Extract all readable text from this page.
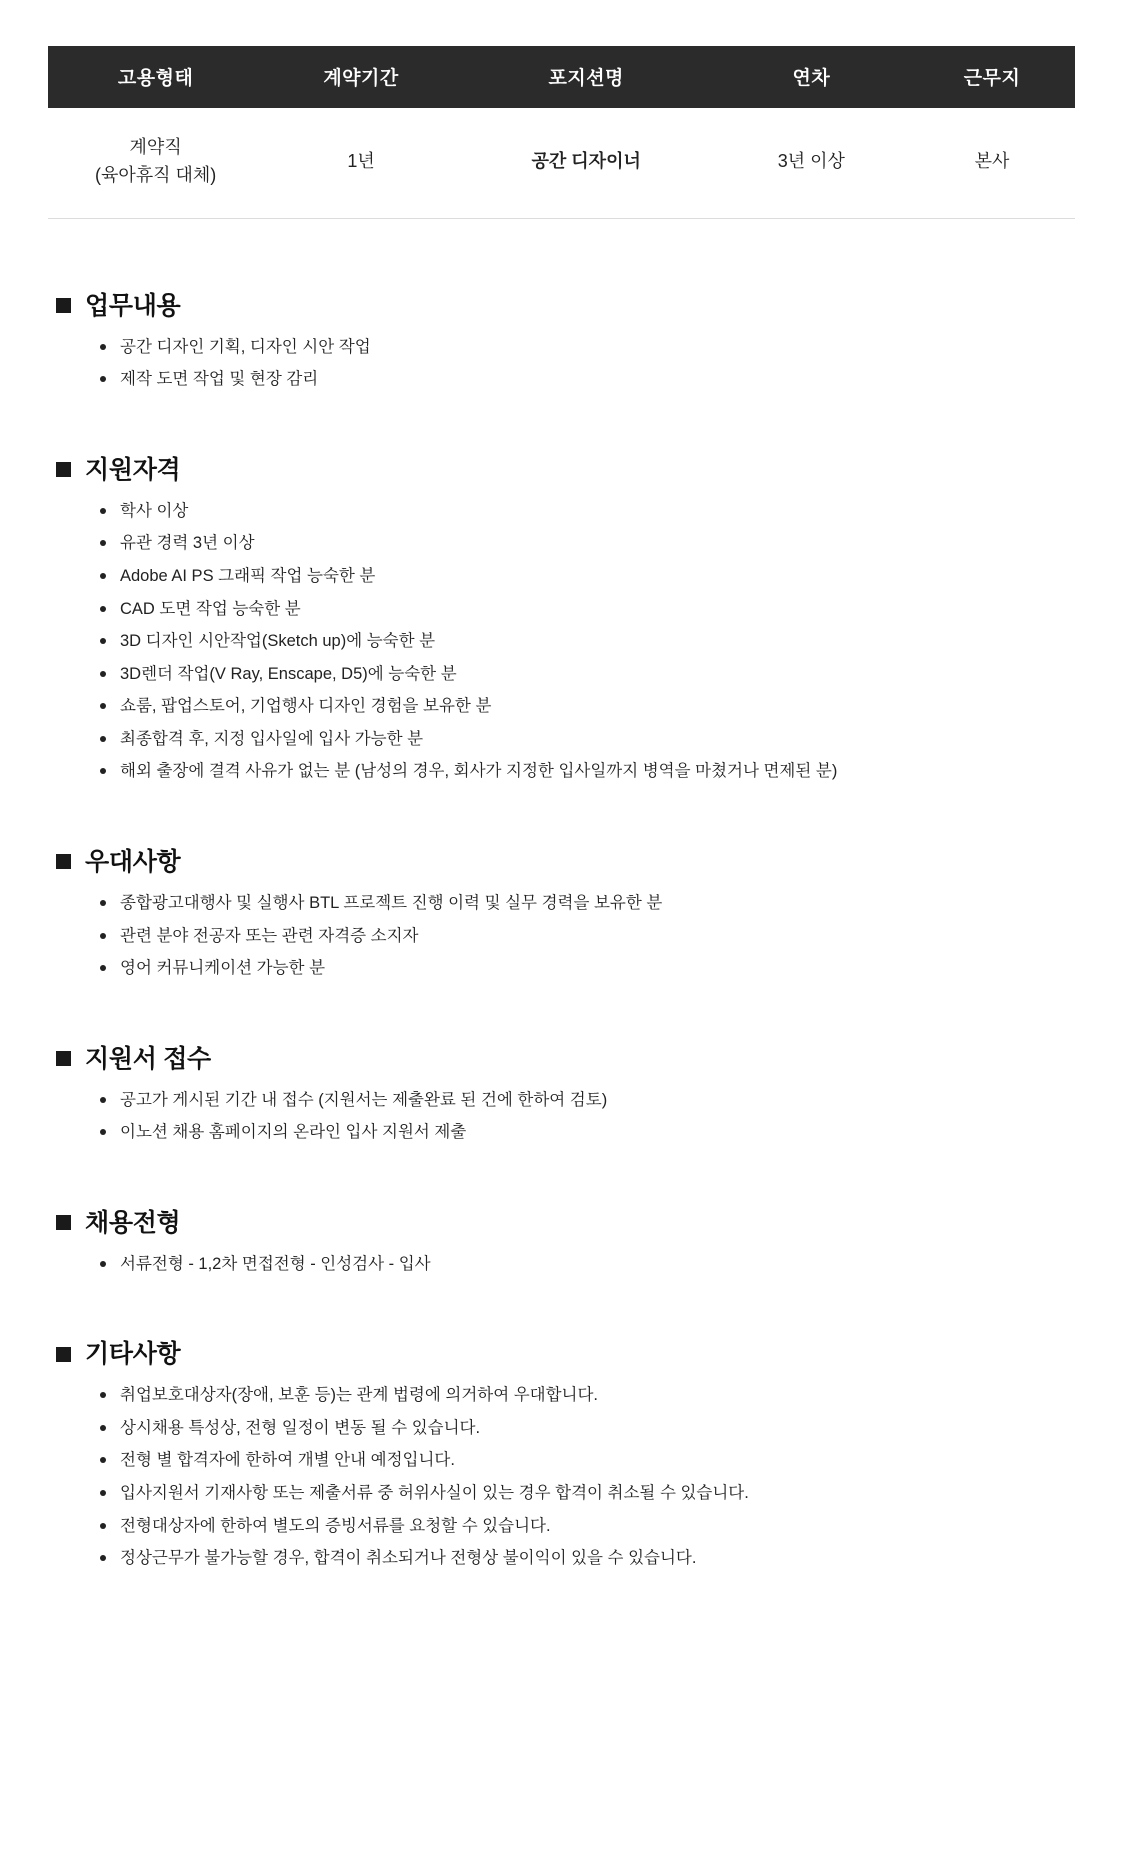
고용형태	계약기간	포지션명	연차	근무지
계약직
(육아휴직 대체)	1년	공간 디자이너	3년 이상	본사
업무내용
공간 디자인 기획, 디자인 시안 작업
제작 도면 작업 및 현장 감리
지원자격
학사 이상
유관 경력 3년 이상
Adobe AI PS 그래픽 작업 능숙한 분
CAD 도면 작업 능숙한 분
3D 디자인 시안작업(Sketch up)에 능숙한 분
3D렌더 작업(V Ray, Enscape, D5)에 능숙한 분
쇼룸, 팝업스토어, 기업행사 디자인 경험을 보유한 분
최종합격 후, 지정 입사일에 입사 가능한 분
해외 출장에 결격 사유가 없는 분 (남성의 경우, 회사가 지정한 입사일까지 병역을 마쳤거나 면제된 분)
우대사항
종합광고대행사 및 실행사 BTL 프로젝트 진행 이력 및 실무 경력을 보유한 분
관련 분야 전공자 또는 관련 자격증 소지자
영어 커뮤니케이션 가능한 분
지원서 접수
공고가 게시된 기간 내 접수 (지원서는 제출완료 된 건에 한하여 검토)
이노션 채용 홈페이지의 온라인 입사 지원서 제출
채용전형
서류전형 - 1,2차 면접전형 - 인성검사 - 입사
기타사항
취업보호대상자(장애, 보훈 등)는 관계 법령에 의거하여 우대합니다.
상시채용 특성상, 전형 일정이 변동 될 수 있습니다.
전형 별 합격자에 한하여 개별 안내 예정입니다.
입사지원서 기재사항 또는 제출서류 중 허위사실이 있는 경우 합격이 취소될 수 있습니다.
전형대상자에 한하여 별도의 증빙서류를 요청할 수 있습니다.
정상근무가 불가능할 경우, 합격이 취소되거나 전형상 불이익이 있을 수 있습니다.
